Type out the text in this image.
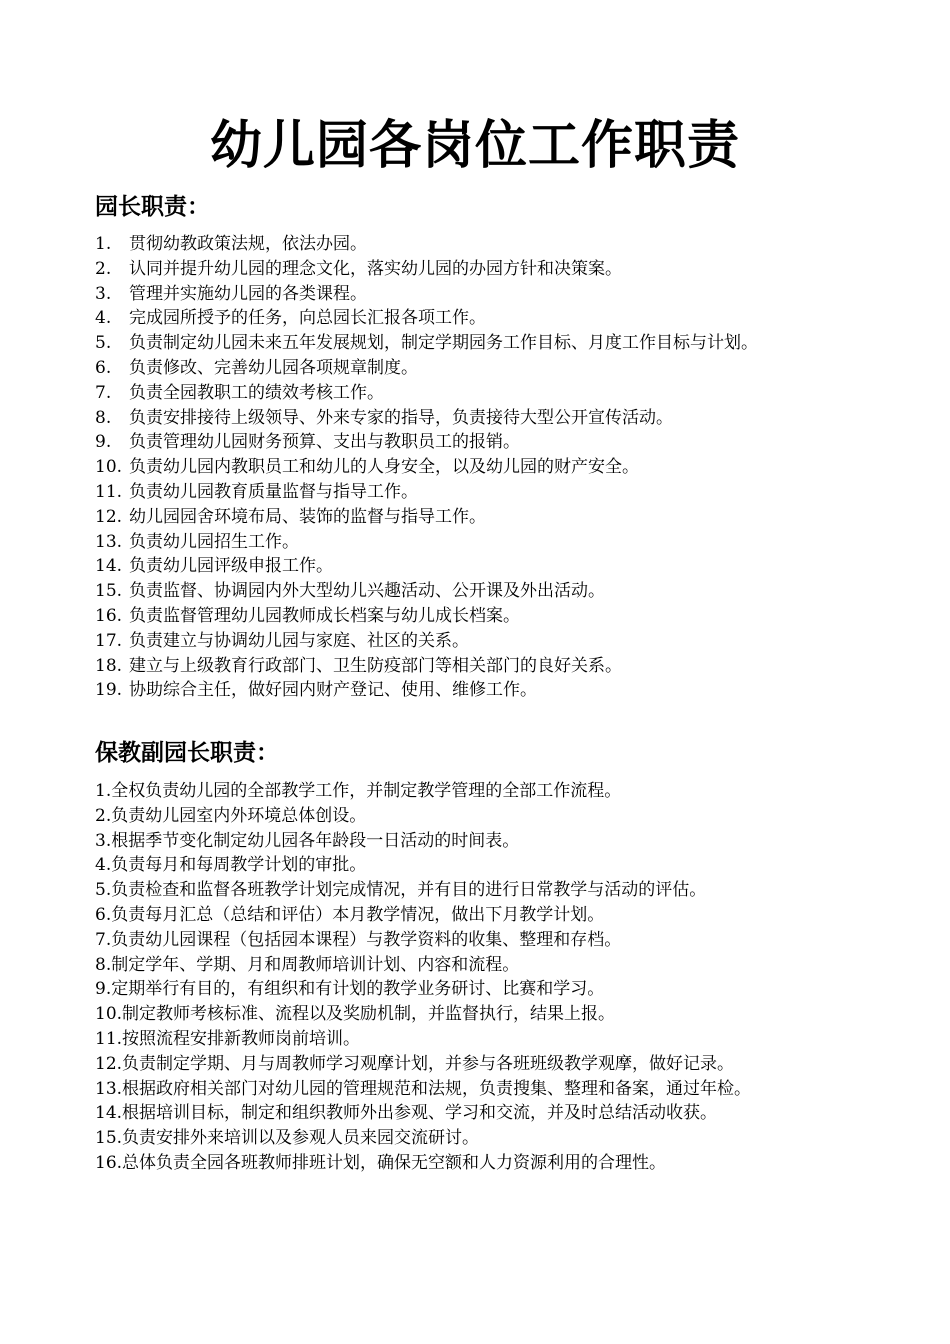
幼儿园各岗位工作职责
园长职责：
1. 贯彻幼教政策法规，依法办园。
2. 认同并提升幼儿园的理念文化，落实幼儿园的办园方针和决策案。
3. 管理并实施幼儿园的各类课程。
4. 完成园所授予的任务，向总园长汇报各项工作。
5. 负责制定幼儿园未来五年发展规划，制定学期园务工作目标、月度工作目标与计划。
6. 负责修改、完善幼儿园各项规章制度。
7. 负责全园教职工的绩效考核工作。
8. 负责安排接待上级领导、外来专家的指导，负责接待大型公开宣传活动。
9. 负责管理幼儿园财务预算、支出与教职员工的报销。
10. 负责幼儿园内教职员工和幼儿的人身安全，以及幼儿园的财产安全。
11. 负责幼儿园教育质量监督与指导工作。
12. 幼儿园园舍环境布局、装饰的监督与指导工作。
13. 负责幼儿园招生工作。
14. 负责幼儿园评级申报工作。
15. 负责监督、协调园内外大型幼儿兴趣活动、公开课及外出活动。
16. 负责监督管理幼儿园教师成长档案与幼儿成长档案。
17. 负责建立与协调幼儿园与家庭、社区的关系。
18. 建立与上级教育行政部门、卫生防疫部门等相关部门的良好关系。
19. 协助综合主任，做好园内财产登记、使用、维修工作。
保教副园长职责：
1.全权负责幼儿园的全部教学工作，并制定教学管理的全部工作流程。
2.负责幼儿园室内外环境总体创设。
3.根据季节变化制定幼儿园各年龄段一日活动的时间表。
4.负责每月和每周教学计划的审批。
5.负责检查和监督各班教学计划完成情况，并有目的进行日常教学与活动的评估。
6.负责每月汇总（总结和评估）本月教学情况，做出下月教学计划。
7.负责幼儿园课程（包括园本课程）与教学资料的收集、整理和存档。
8.制定学年、学期、月和周教师培训计划、内容和流程。
9.定期举行有目的，有组织和有计划的教学业务研讨、比赛和学习。
10.制定教师考核标准、流程以及奖励机制，并监督执行，结果上报。
11.按照流程安排新教师岗前培训。
12.负责制定学期、月与周教师学习观摩计划，并参与各班班级教学观摩，做好记录。
13.根据政府相关部门对幼儿园的管理规范和法规，负责搜集、整理和备案，通过年检。
14.根据培训目标，制定和组织教师外出参观、学习和交流，并及时总结活动收获。
15.负责安排外来培训以及参观人员来园交流研讨。
16.总体负责全园各班教师排班计划，确保无空额和人力资源利用的合理性。
